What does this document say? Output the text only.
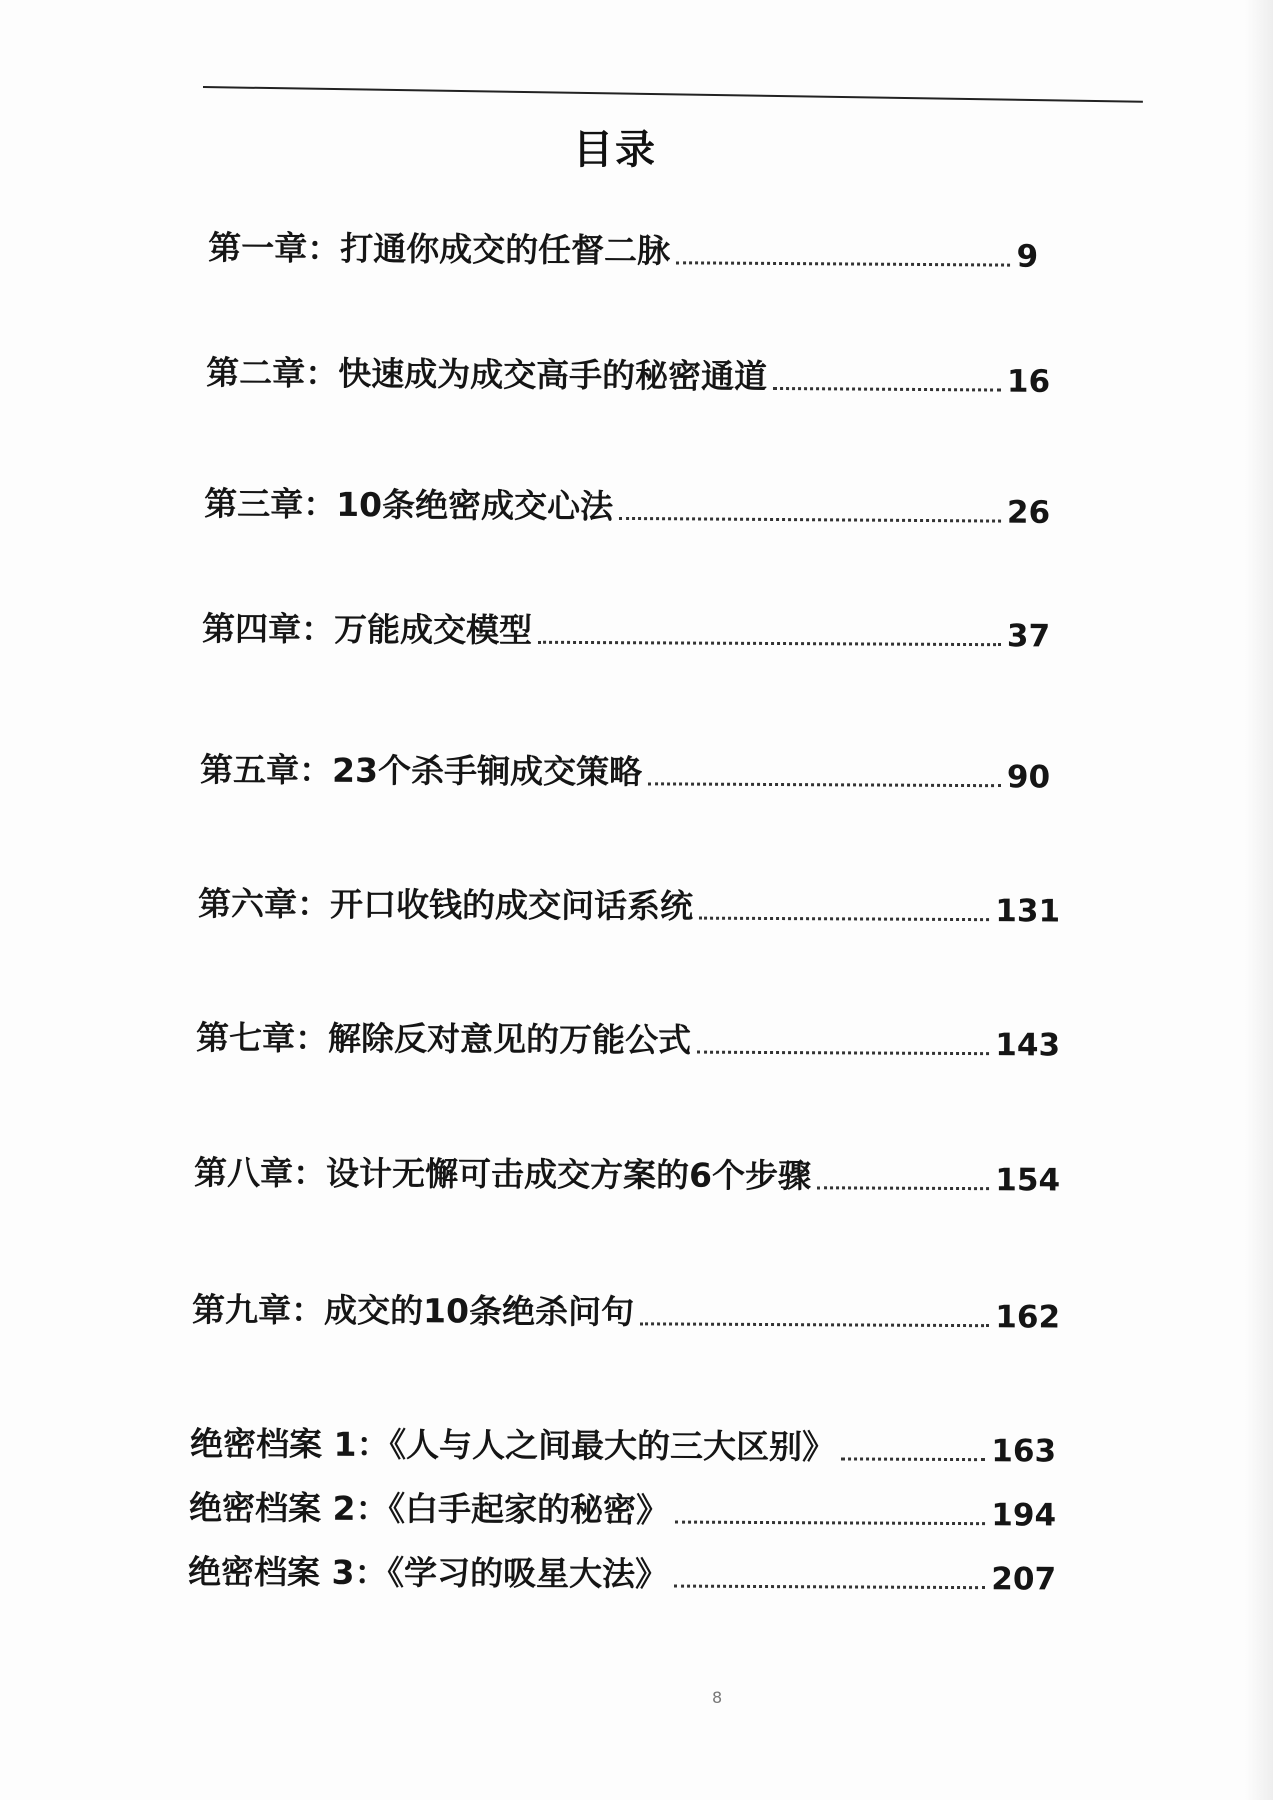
目录
第一章：打通你成交的任督二脉	9
第二章：快速成为成交高手的秘密通道	16
第三章：10条绝密成交心法	26
第四章：万能成交模型	37
第五章：23个杀手锏成交策略	90
第六章：开口收钱的成交问话系统	131
第七章：解除反对意见的万能公式	143
第八章：设计无懈可击成交方案的6个步骤	154
第九章：成交的10条绝杀问句	162
绝密档案 1：《人与人之间最大的三大区别》	163
绝密档案 2：《白手起家的秘密》	194
绝密档案 3：《学习的吸星大法》	207
8
